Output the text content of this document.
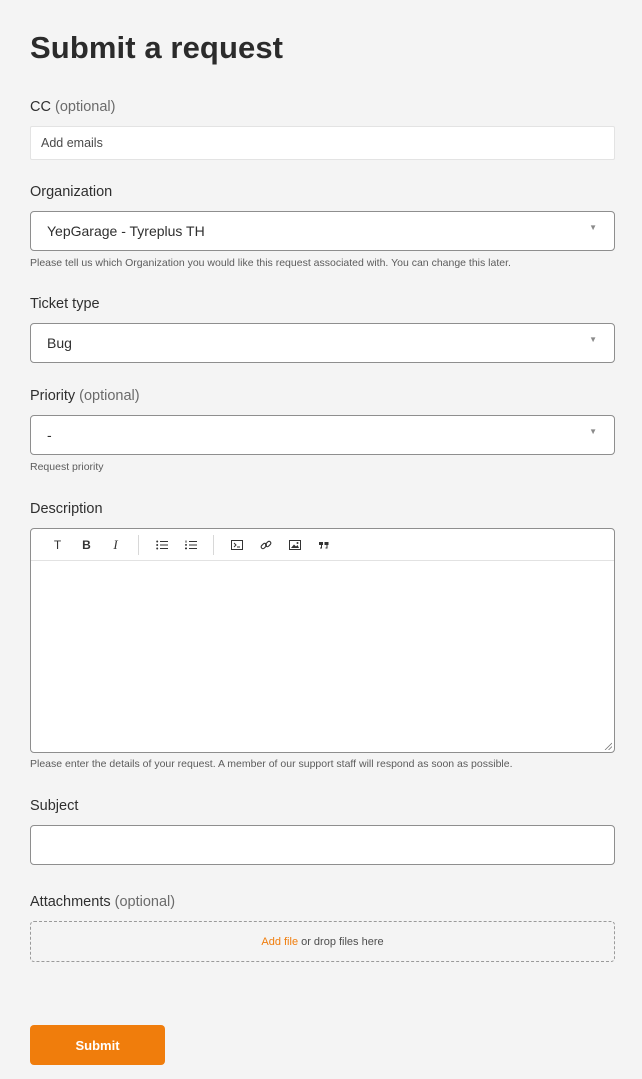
Submit a request
CC (optional)
Add emails
Organization
YepGarage - Tyreplus TH	▼
Please tell us which Organization you would like this request associated with. You can change this later.
Ticket type
Bug	▼
Priority (optional)
-	▼
Request priority
Description
T B I
Please enter the details of your request. A member of our support staff will respond as soon as possible.
Subject
Attachments (optional)
Add file or drop files here
Submit
